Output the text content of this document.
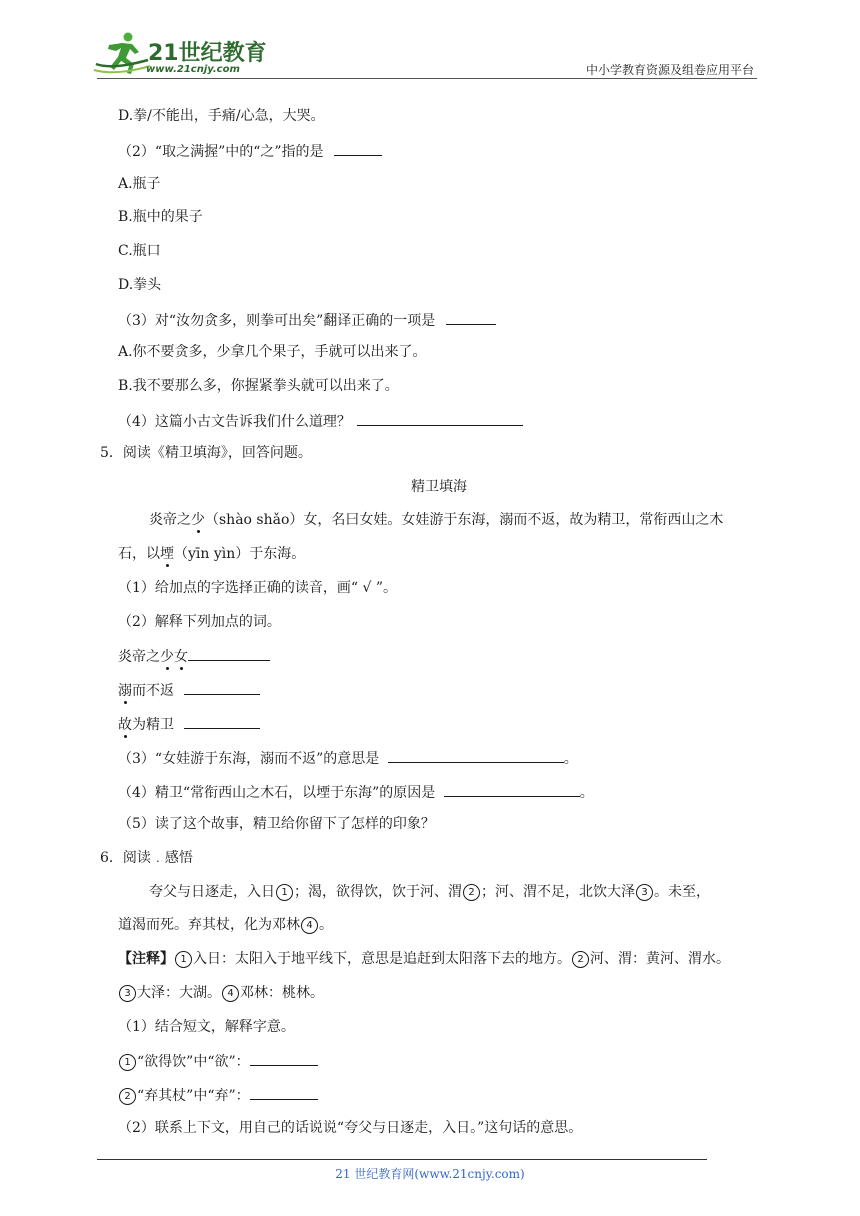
21世纪教育
www.21cnjy.com	中小学教育资源及组卷应用平台
D.拳/不能出，手痛/心急，大哭。
（2）“取之满握”中的“之”指的是
A.瓶子
B.瓶中的果子
C.瓶口
D.拳头
（3）对“汝勿贪多，则拳可出矣”翻译正确的一项是
A.你不要贪多，少拿几个果子，手就可以出来了。
B.我不要那么多，你握紧拳头就可以出来了。
（4）这篇小古文告诉我们什么道理？
5．阅读《精卫填海》，回答问题。
精卫填海
炎帝之少（shào shǎo）女，名曰女娃。女娃游于东海，溺而不返，故为精卫，常衔西山之木
石，以堙（yīn yìn）于东海。
（1）给加点的字选择正确的读音，画“ √ ”。
（2）解释下列加点的词。
炎帝之少女
溺而不返
故为精卫
（3）“女娃游于东海，溺而不返”的意思是	。
（4）精卫“常衔西山之木石，以堙于东海”的原因是	。
（5）读了这个故事，精卫给你留下了怎样的印象？
6．阅读﹒感悟
夸父与日逐走，入日 1 ；渴，欲得饮，饮于河、渭 2 ；河、渭不足，北饮大泽 3 。未至，
道渴而死。弃其杖，化为邓林 4 。
【注释】 1 入日：太阳入于地平线下，意思是追赶到太阳落下去的地方。 2 河、渭：黄河、渭水。
3 大泽：大湖。 4 邓林：桃林。
（1）结合短文，解释字意。
1 “欲得饮”中“欲”：
2 “弃其杖”中“弃”：
（2）联系上下文，用自己的话说说“夸父与日逐走，入日。”这句话的意思。
21 世纪教育网(www.21cnjy.com)
